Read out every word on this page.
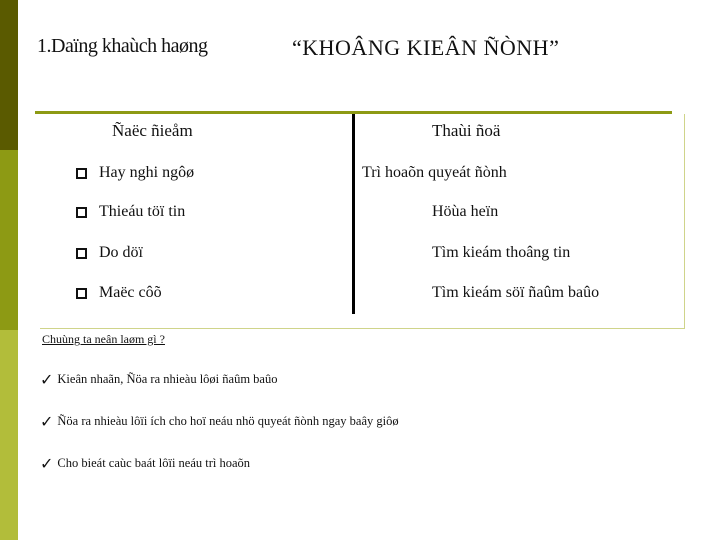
1.Daïng khaùch haøng	“KHOÂNG KIEÂN ÑÒNH”
Ñaëc ñieåm	Thaùi ñoä
Hay nghi ngôø
Thieáu töï tin
Do döï
Maëc côõ
Trì hoaõn quyeát ñònh
Höùa heïn
Tìm kieám thoâng tin
Tìm kieám söï ñaûm baûo
Chuùng ta neân laøm gì ?
✓ Kieân nhaãn, Ñöa ra nhieàu lôøi ñaûm baûo
✓ Ñöa ra nhieàu lôïi ích cho hoï neáu nhö quyeát ñònh ngay baây giôø
✓ Cho bieát caùc baát lôïi neáu trì hoaõn
